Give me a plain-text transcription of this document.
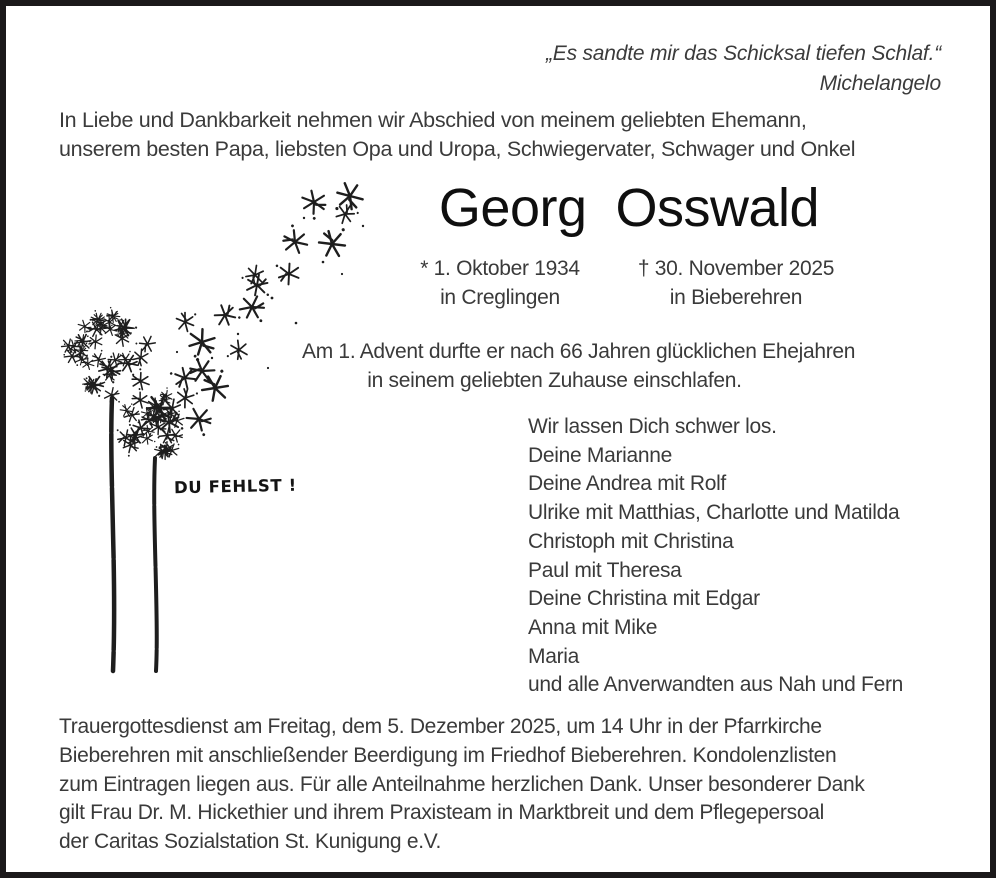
„Es sandte mir das Schicksal tiefen Schlaf.“
Michelangelo
In Liebe und Dankbarkeit nehmen wir Abschied von meinem geliebten Ehemann,
unserem besten Papa, liebsten Opa und Uropa, Schwiegervater, Schwager und Onkel
DU FEHLST !
Georg  Osswald
* 1. Oktober 1934
in Creglingen
† 30. November 2025
in Bieberehren
Am 1. Advent durfte er nach 66 Jahren glücklichen Ehejahren
in seinem geliebten Zuhause einschlafen.
Wir lassen Dich schwer los.
Deine Marianne
Deine Andrea mit Rolf
Ulrike mit Matthias, Charlotte und Matilda
Christoph mit Christina
Paul mit Theresa
Deine Christina mit Edgar
Anna mit Mike
Maria
und alle Anverwandten aus Nah und Fern
Trauergottesdienst am Freitag, dem 5. Dezember 2025, um 14 Uhr in der Pfarrkirche
Bieberehren mit anschließender Beerdigung im Friedhof Bieberehren. Kondolenzlisten
zum Eintragen liegen aus. Für alle Anteilnahme herzlichen Dank. Unser besonderer Dank
gilt Frau Dr. M. Hickethier und ihrem Praxisteam in Marktbreit und dem Pflegepersoal
der Caritas Sozialstation St. Kunigung e.V.
